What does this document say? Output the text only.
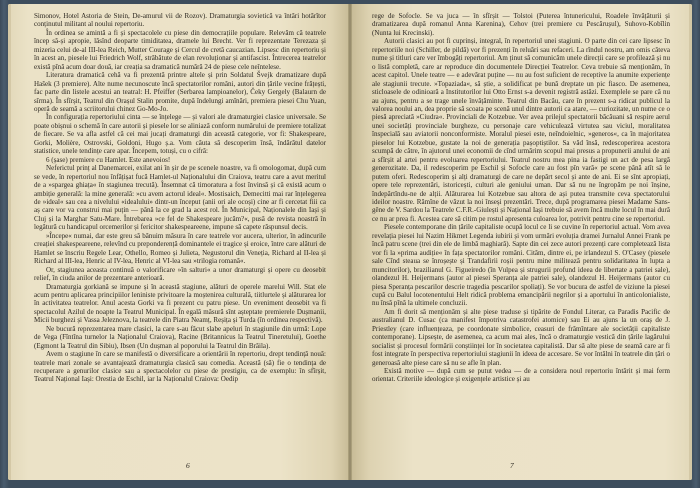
Simonov, Hotel Astoria de Stein, De-amurul vii de Rozov). Dramaturgia sovietică va întări hotărîtor conținutul militant al noului repertoriu.

În ordinea se amintă a fi și spectacolele cu piese din democrațiile populare. Relevăm că teatrele încep să-și apropie, lăsînd deoparte timiditatea, dramele lui Brecht. Ver fi reprezentate Terezaza și mizeria celui de-al III-lea Reich, Mutter Courage și Cercul de cretă caucazian. Lipsesc din repertoriu și în acest an, piesele lui Friedrich Wolf, străbătute de elan revoluționar și antifascist. Întrecerea teatrelor există pînă acum doar două, iar creația sa dramatică numără 24 de piese cele neîntelese.

Literatura dramatică cehă va fi prezentă printre altele și prin Soldatul Švejk dramatizare după Hašek (3 premiere). Alte nume necunoscute încă spectatorilor români, autori din țările vecine frățești, fac parte din listele acestui an teatral: H. Pfeiffer (Serbarea lampioanelor), Čeky Gergely (Balaurn de sîrma). În sfîrșit, Teatrul din Orașul Stalin promite, după îndelungi amînări, premiera piesei Chu Yuan, operă de seamă a scriitorului chinez Go-Mo-Jo.

În configurația repertoriului cinta — se înțelege — și valori ale dramaturgiei clasice universale. Se poate obișnui o schemă în care autorii și piesele lor se aliniază conform numărului de premiere totalizat de fiecare. Se va afla astfel că cei mai jucați dramaturgi din această categorie, vor fi: Shakespeare, Gorki, Molière, Ostrovski, Goldoni, Hugo ș.a. Vom căuta să descoperim însă, îndărătul datelor statistice, unele tendințe care apar. Începem, totuși, cu o cifră:

6 (șase) premiere cu Hamlet. Este anevoios!

Neferictul prinț al Danemarcei, exilat ani în șir de pe scenele noastre, va fi omologomat, după cum se vede, în repertoriul nou înfățișat fucă Hamlet-ul Naționalului din Craiova, teatru care a avut meritul de a »spargea ghiața« în stagiunea trecută). Însemnat că timoratura a fost învinsă și că există acum o ambiție generală: la mine generală: »cu avem actorul ideal«. Mostisaich, Demecitti mai rar înțelegerea de »ideal« sau cea a nivelului «idealului» dintr-un început (anii ori ale ocoși) cine ar fi cercetat fiii ca aș care vor va construi mai puțin — până la ce grad la acest rol. În Municipal, Naționalele din Iași și Cluj și la Marghar Satu-Mare. Întrebarea »ce fel de Shakespeare jucăm?«, pusă de revista noastră în legătură cu handicapul orcemerilor și fericitor shakespeareene, impune să capete răspunsul decis.

»Începe« numai, dar este greu să bănuim măsura în care teatrele vor aucera, ulterior, în adincurile creației shakespeareene, relevînd cu preponderență dominantele ei tragice și eroice, între care alături de Hamlet se înscriu Regele Lear, Othello, Romeo și Julieta, Negustorul din Veneția, Richard al II-lea și Richard al III-lea, Henric al IV-lea, Henric al VI-lea sau »trilogia romană«.

Or, stagiunea aceasta continuă o valorificare »în salturi« a unor dramaturgi și opere cu deosebit relief, în ciuda anilor de prezentare anterioară.

Dramaturgia gorkiană se impune și în această stagiune, alături de operele marelui Will. Stat ele acum pentru aplicarea principiilor leniniste privitoare la moștenirea culturală, tiitlurtele și alăturarea lor în activitatea teatrelor. Anul acesta Gorki va fi prezent cu patru piese. Un eveniment deosebit va fi spectacolul Azilul de noapte la Teatrul Municipal. În egală măsură sînt așteptate premierele Dușmanii, Micii burghezi și Vassa Jeleznova, la teatrele din Piatra Neamț, Reșița și Turda (în ordinea respectivă).

Ne bucură reprezentarea mare clasici, la care s-au făcut slabe apeluri în stagiunile din urmă: Lope de Vega (Fîntîna turnelor la Naționalul Craiova), Racine (Britannicus la Teatrul Tineretului), Goethe (Egmont la Teatrul din Sibiu), Ibsen (Un dușman al poporului la Teatrul din Brăila).

Avem o stagiune în care se manifestă o diversificare a orientării în repertoriu, drept tendință nouă: teatrele mari zonale se avantajează dramaturgia clasică sau comedia. Această (să) fie o tendința de recuperare a genurilor clasice sau a spectacolelor cu piese de prestigiu, ca de exemplu: în sfîrșit, Teatrul Național Iași: Orestia de Eschil, iar la Naționalul Craiova: Oedip

6

rege de Sofocle. Se va juca — în sfîrșit — Tolstoi (Puterea întunericului, Roadele învățăturii și dramatizarea după romanul Anna Karenina), Cehov (trei premiere cu Pescărușul), Suhovo-Kobîlin (Nunta lui Krecinski).

Autorii clasici au pot fi cuprinși, integral, în repertoriul unei stagiuni. O parte din cei care lipsesc în repertoriile noi (Schiller, de pildă) vor fi prezenți în reluări sau refaceri. La rîndul nostru, am omis câteva nume și titluri care ver îmbogăți repertoriul. Am ținut să comunicăm unele direcții care se profilează și nu o listă completă, care ar reproduce din documentele Direcției Teatrelor. Ceva trebuie să menționăm, în acest capitol. Unele teatre — e adevărat puține — nu au fost suficient de receptive la anumite experiențe ale stagiunii trecute. »Topaziada«, să știe, a solidificat pe bună dreptate un pic fiasco. De asemenea, sticloasele de odinioară a Institutorilor lui Otto Ernst s-a devenit registră astăzi. Exemplele se pare că nu au ajuns, pentru a se trage unele învățăminte. Teatrul din Bacău, care în prezent s-a ridicat publicul la valorea noului an, dea proprie să scoata pe scenă unul dintre autorii ca atare, — curiozitate, un nume ce o piesă apreciată »Ciudra«. Provinciali de Kotzebue. Ver avea prilejul spectatorii băcăuani să respire aerul unei societăți provinciale burgheze, cu personaje care vehiculează virtutea sau viciul, moralitatea înspecială sau aviatorii nonconformiste. Moralul piesei este, neîndoielnic, »generos«, ca în majoritatea pieselor lui Kotzebue, gustate la noi de generația pașoptiștilor. Sa văd însă, redescoperirea acestora scumpă de către, în ajutorul unei economii de cînd urmărim scopul mai presus a propunerii anului de ani a sfîrșit al artei pentru evoluarea repertoriului. Teatrul nostru mea pina ia fastigi un act de pesa largă generozitate. Da, il redescoperim pe Eschil și Sofocle care au fost pîn vară« pe scene până atît să le putem oferi. Redescoperim și alți dramaturgi de care ne depărt secol și ante de ani. Ei se sînt apropiați, opere tele reprezentări, istoricești, culturi ale geniului uman. Dar să nu ne îngropăm pe noi înșine, îndepărtîndu-ne de alții. Alăturarea lui Kotzebue sau altora de ași putea transmite ceva spectatorului ideilor noastre. Rămîne de văzut la noi înseși prezentări. Trece, după programarea piesei Madame Sans-gêne de V. Sardou la Teatrele C.F.R.-Giulești și Național Iași trebuie să avem încă multe locul în mai dură ce nu ar prea fi. Acestea care să citim pe rostul apresenta culoarea lor, potrivit pentru cine se repertoriul.

Piesele contemporane din țările capitaliste ocupă locul ce li se cuvine în repertoriul actual. Vom avea revelația piesei lui Nazim Hikmet Legenda iubirii și vom urmări evoluția dramei Jurnalul Annei Frank pe încă patru scene (trei din ele de limbă maghiară). Sapte din cei zece autori prezenți care completează lista vor fi la »prima audiție« în fața spectatorilor români. Cităm, dintre ei, pe irlandezul S. O'Casey (piesele sale Cînd steaua se înroșește și Trandafirii roșii pentru mine militează pentru solidaritatea în lupta a muncitorilor), brazilianul G. Figueiredo (în Vulpea și strugurii profund ideea de libertate a patriei sale), olandezul H. Heijermans (autor al piesei Speranța ale patriei sale), olandezul H. Heijermans (autor cu piesa Speranța pescarilor descrie tragedia pescarilor spoliați). Se vor bucura de astfel de viziune la piesei cupă cu Balul locotenentului Helt ridică problema emancipării negrilor și a aportului în anticolonialiste, nu însă pînă la ultimele concluzii.

Am fi dorit să menționăm și alte piese traduse și tipărite de Fondul Literar, ca Paradis Pacific de australianul D. Cusac (ca manifest împotriva catastrofei atomice) sau Ei au ajuns la un oraș de J. Priestley (care influențeaza, pe coordonate simbolice, ceasuri de frămîntare ale societății capitaliste contemporane). Lipsește, de asemenea, ca acum mai ales, încă o dramaturgie vestică din țările lagărului socialist și procesul formării conștiinței lor în societatea capitalistă. Dar să alte piese de seamă care ar fi fost integrate în perspectiva repertoriului stagiunii în ideea de accesare. Se vor întâlni în teatrele din țări o generoasă alte piese care să nu se afle în plan.

Există motive — după cum se putut vedea — de a considera noul repertoriu întărit și mai ferm orientat. Criteriile ideologice și exigențele artistice și au

7
